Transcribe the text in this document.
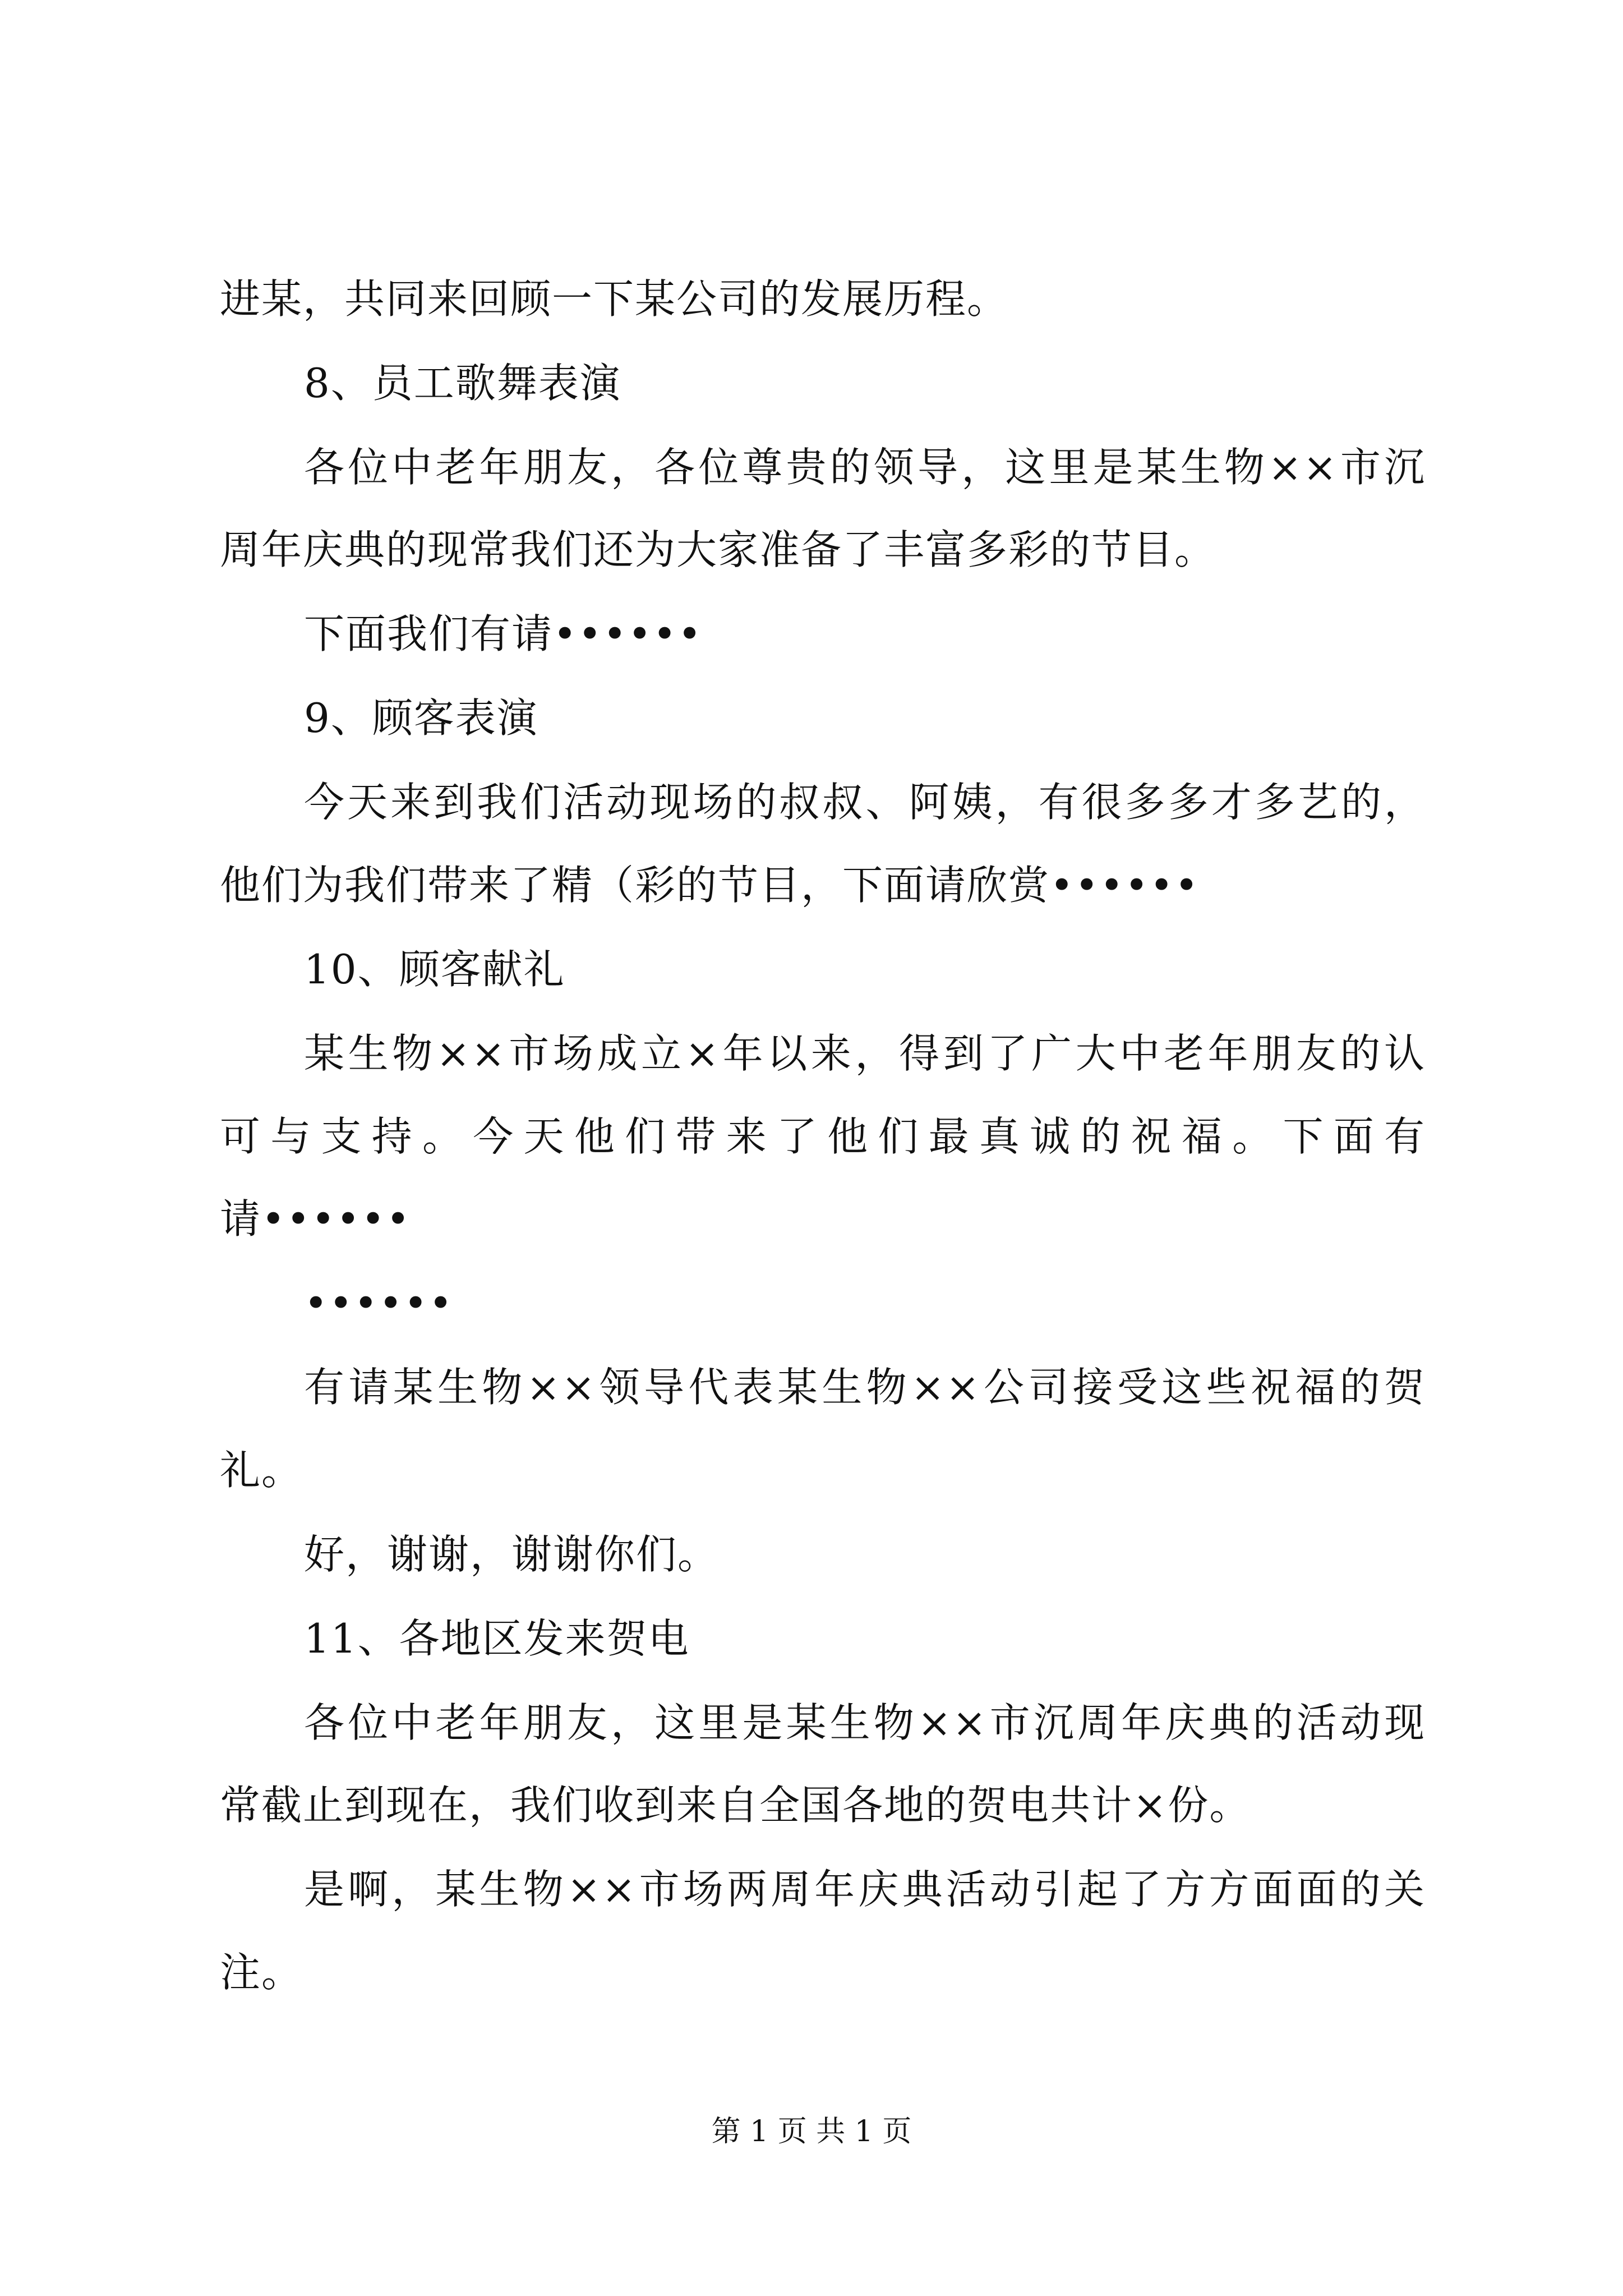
进某，共同来回顾一下某公司的发展历程。
8、员工歌舞表演
各位中老年朋友，各位尊贵的领导，这里是某生物××市沉
周年庆典的现常我们还为大家准备了丰富多彩的节目。
下面我们有请••••••
9、顾客表演
今天来到我们活动现场的叔叔、阿姨，有很多多才多艺的，
他们为我们带来了精（彩的节目，下面请欣赏••••••
10、顾客献礼
某生物××市场成立×年以来，得到了广大中老年朋友的认
可与支持。今天他们带来了他们最真诚的祝福。下面有
请••••••
••••••
有请某生物××领导代表某生物××公司接受这些祝福的贺
礼。
好，谢谢，谢谢你们。
11、各地区发来贺电
各位中老年朋友，这里是某生物××市沉周年庆典的活动现
常截止到现在，我们收到来自全国各地的贺电共计×份。
是啊，某生物××市场两周年庆典活动引起了方方面面的关
注。
第 1 页 共 1 页
